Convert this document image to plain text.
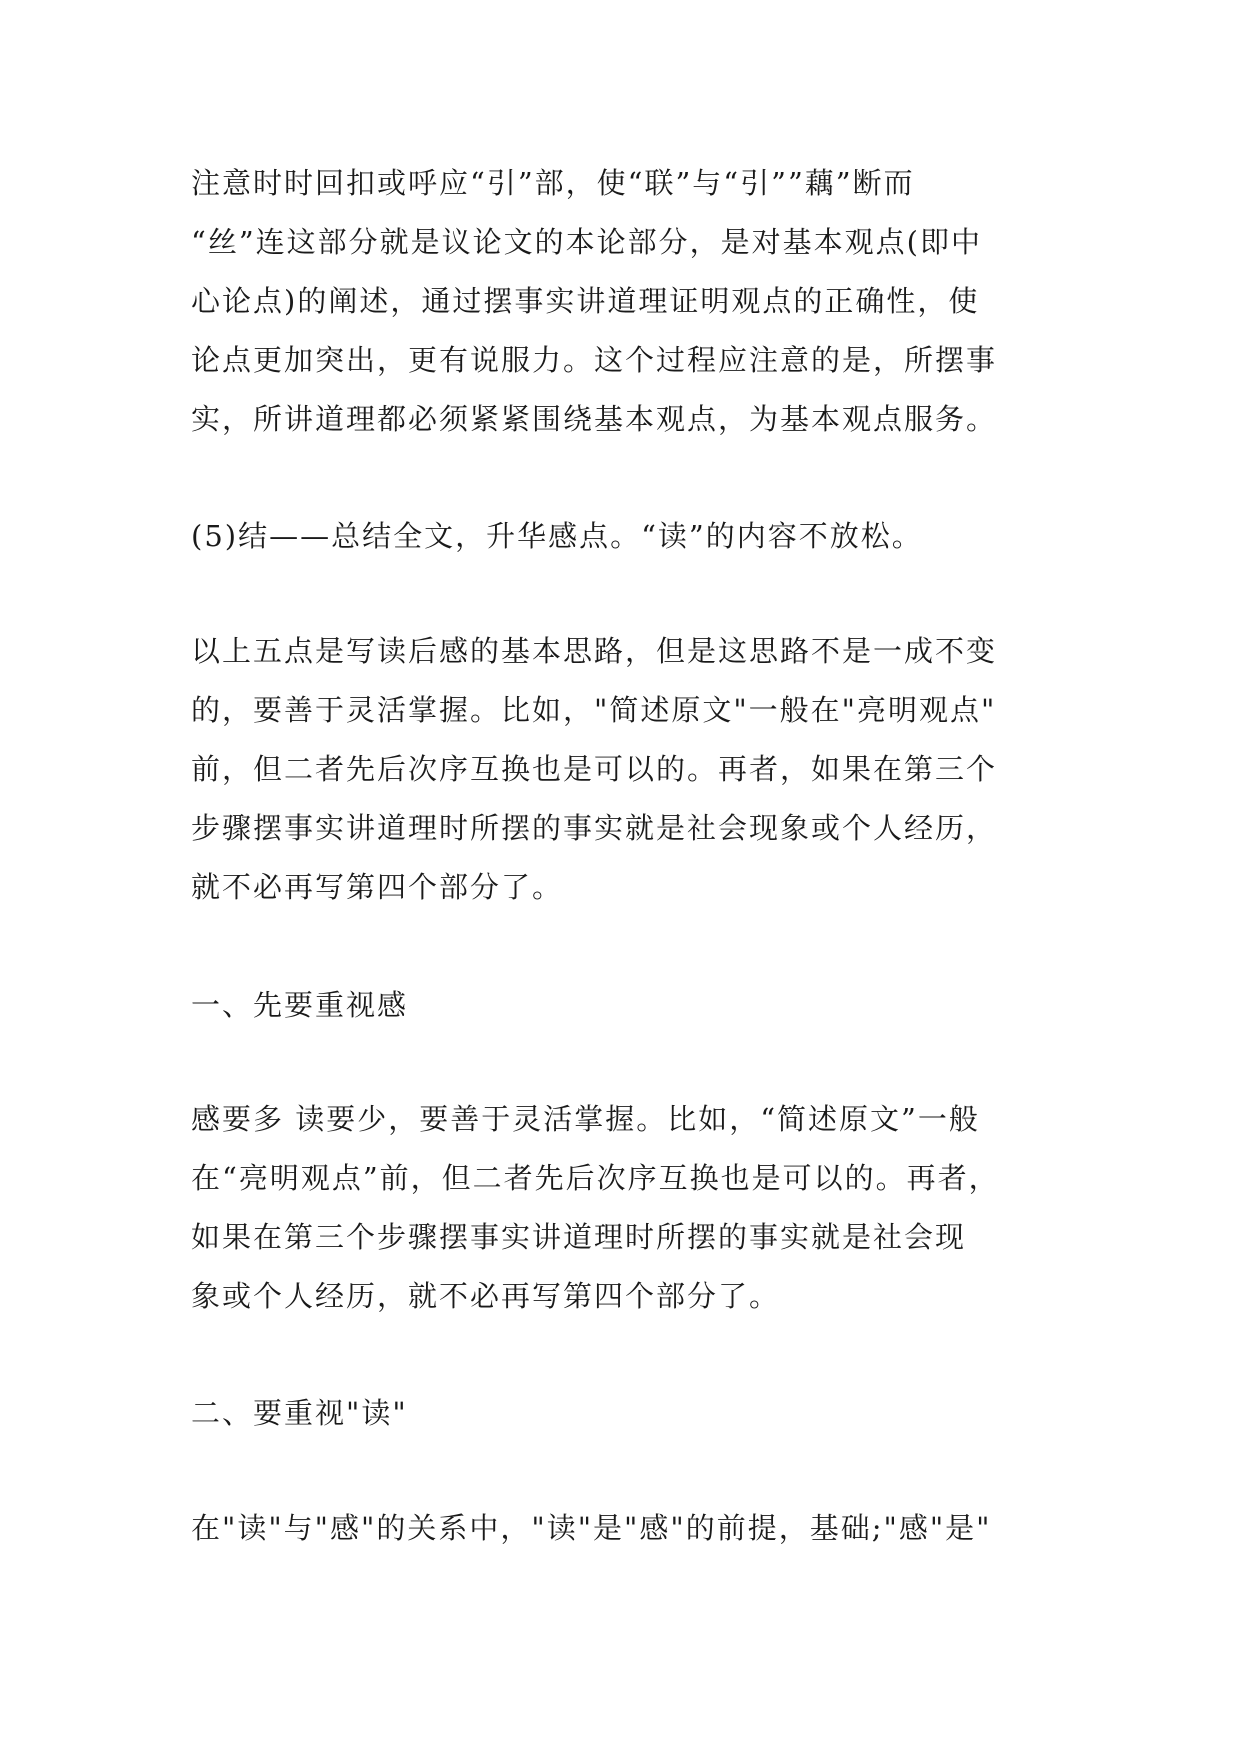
注意时时回扣或呼应“引”部，使“联”与“引””藕”断而
“丝”连这部分就是议论文的本论部分，是对基本观点(即中
心论点)的阐述，通过摆事实讲道理证明观点的正确性，使
论点更加突出，更有说服力。这个过程应注意的是，所摆事
实，所讲道理都必须紧紧围绕基本观点，为基本观点服务。
(5)结——总结全文，升华感点。“读”的内容不放松。
以上五点是写读后感的基本思路，但是这思路不是一成不变
的，要善于灵活掌握。比如，"简述原文"一般在"亮明观点"
前，但二者先后次序互换也是可以的。再者，如果在第三个
步骤摆事实讲道理时所摆的事实就是社会现象或个人经历，
就不必再写第四个部分了。
一、先要重视感
感要多 读要少，要善于灵活掌握。比如，“简述原文”一般
在“亮明观点”前，但二者先后次序互换也是可以的。再者，
如果在第三个步骤摆事实讲道理时所摆的事实就是社会现
象或个人经历，就不必再写第四个部分了。
二、要重视"读"
在"读"与"感"的关系中，"读"是"感"的前提，基础;"感"是"
